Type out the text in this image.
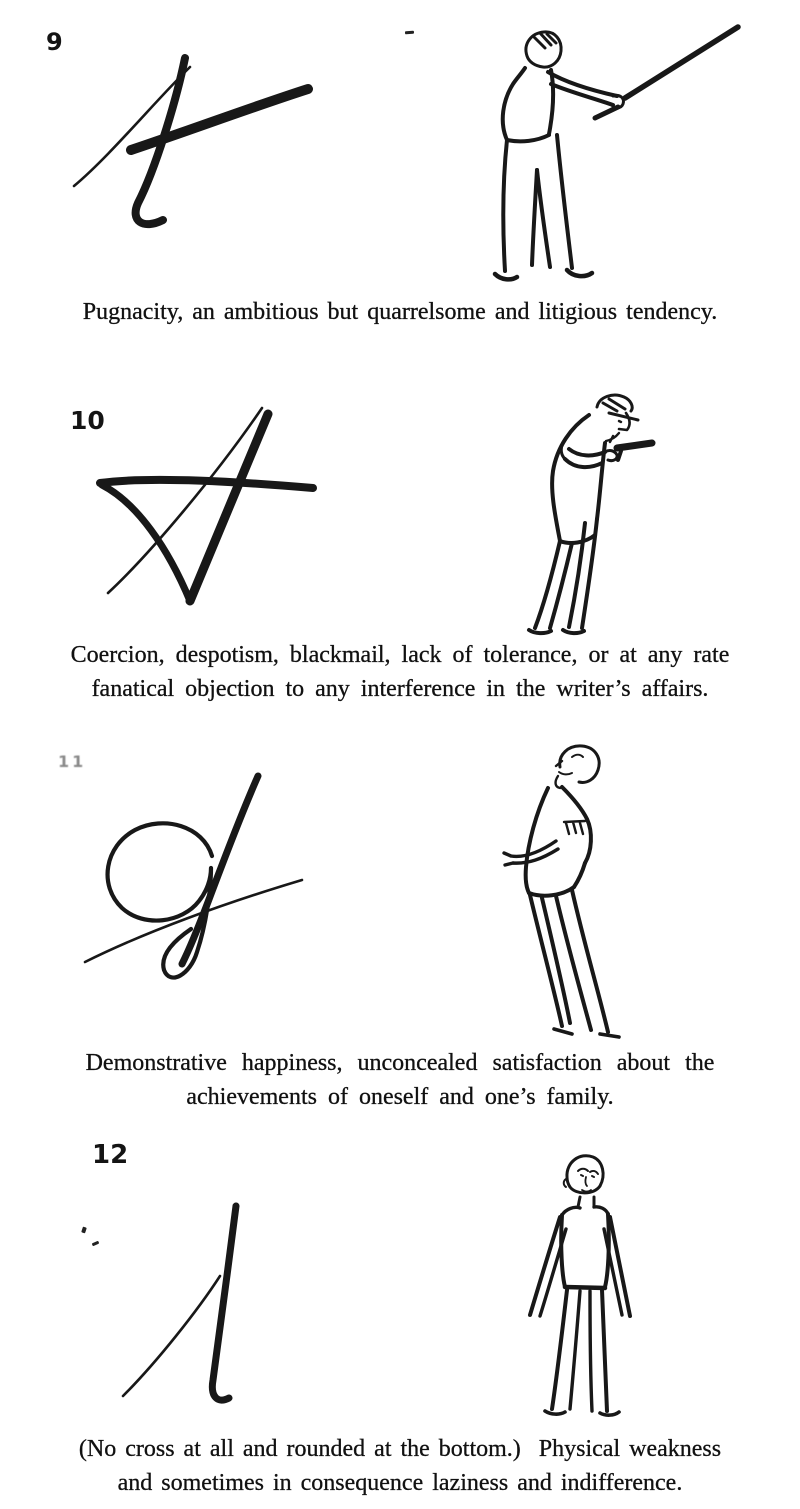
9
Pugnacity, an ambitious but quarrelsome and litigious tendency.
10
Coercion, despotism, blackmail, lack of tolerance, or at any rate
fanatical objection to any interference in the writer’s affairs.
11
Demonstrative happiness, unconcealed satisfaction about the
achievements of oneself and one’s family.
12
(No cross at all and rounded at the bottom.)  Physical weakness
and sometimes in consequence laziness and indifference.
